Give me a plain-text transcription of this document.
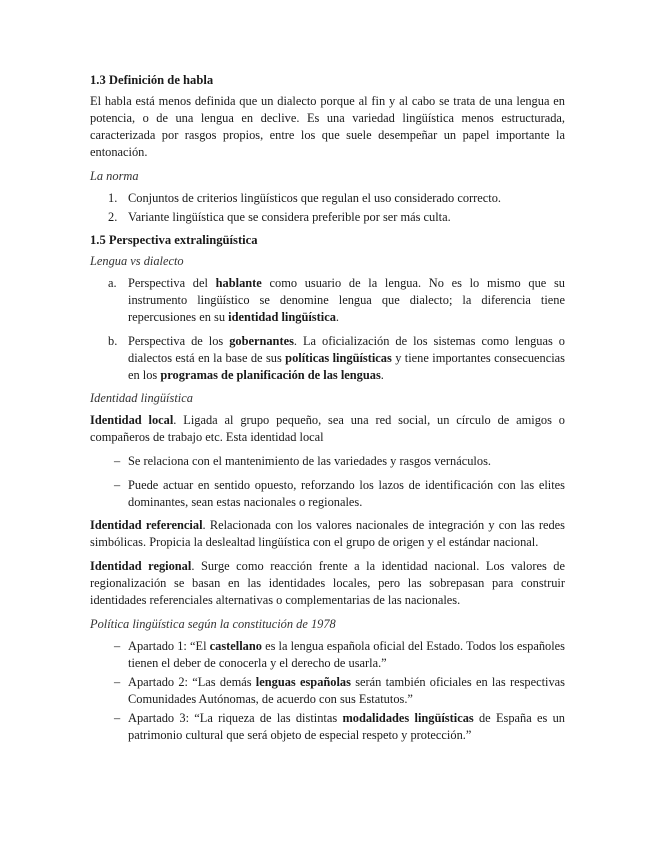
1.3 Definición de habla

El habla está menos definida que un dialecto porque al fin y al cabo se trata de una lengua en potencia, o de una lengua en declive. Es una variedad lingüística menos estructurada, caracterizada por rasgos propios, entre los que suele desempeñar un papel importante la entonación.

La norma
1. Conjuntos de criterios lingüísticos que regulan el uso considerado correcto.
2. Variante lingüística que se considera preferible por ser más culta.
1.5 Perspectiva extralingüística
Lengua vs dialecto
a. Perspectiva del hablante como usuario de la lengua. No es lo mismo que su instrumento lingüístico se denomine lengua que dialecto; la diferencia tiene repercusiones en su identidad lingüística.
b. Perspectiva de los gobernantes. La oficialización de los sistemas como lenguas o dialectos está en la base de sus políticas lingüísticas y tiene importantes consecuencias en los programas de planificación de las lenguas.
Identidad lingüística

Identidad local. Ligada al grupo pequeño, sea una red social, un círculo de amigos o compañeros de trabajo etc. Esta identidad local

– Se relaciona con el mantenimiento de las variedades y rasgos vernáculos.
– Puede actuar en sentido opuesto, reforzando los lazos de identificación con las elites dominantes, sean estas nacionales o regionales.

Identidad referencial. Relacionada con los valores nacionales de integración y con las redes simbólicas. Propicia la deslealtad lingüística con el grupo de origen y el estándar nacional.

Identidad regional. Surge como reacción frente a la identidad nacional. Los valores de regionalización se basan en las identidades locales, pero las sobrepasan para construir identidades referenciales alternativas o complementarias de las nacionales.

Política lingüística según la constitución de 1978
– Apartado 1: “El castellano es la lengua española oficial del Estado. Todos los españoles tienen el deber de conocerla y el derecho de usarla.”
– Apartado 2: “Las demás lenguas españolas serán también oficiales en las respectivas Comunidades Autónomas, de acuerdo con sus Estatutos.”
– Apartado 3: “La riqueza de las distintas modalidades lingüísticas de España es un patrimonio cultural que será objeto de especial respeto y protección.”
